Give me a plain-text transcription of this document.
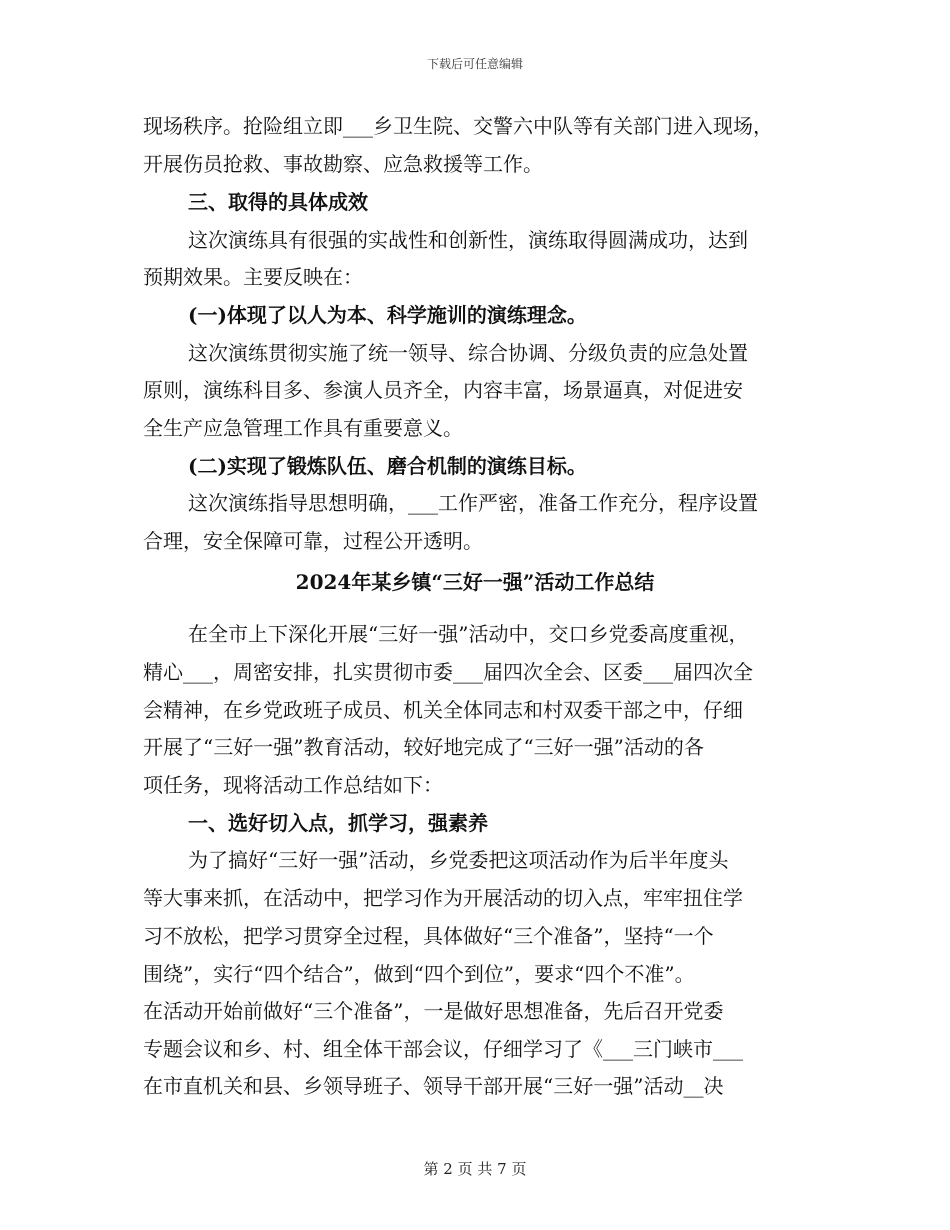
下载后可任意编辑
现场秩序。抢险组立即___乡卫生院、交警六中队等有关部门进入现场，
开展伤员抢救、事故勘察、应急救援等工作。
三、取得的具体成效
这次演练具有很强的实战性和创新性，演练取得圆满成功，达到
预期效果。主要反映在：
(一)体现了以人为本、科学施训的演练理念。
这次演练贯彻实施了统一领导、综合协调、分级负责的应急处置
原则，演练科目多、参演人员齐全，内容丰富，场景逼真，对促进安
全生产应急管理工作具有重要意义。
(二)实现了锻炼队伍、磨合机制的演练目标。
这次演练指导思想明确，___工作严密，准备工作充分，程序设置
合理，安全保障可靠，过程公开透明。
2024年某乡镇“三好一强”活动工作总结
在全市上下深化开展“三好一强”活动中，交口乡党委高度重视，
精心___，周密安排，扎实贯彻市委___届四次全会、区委___届四次全
会精神，在乡党政班子成员、机关全体同志和村双委干部之中，仔细
开展了“三好一强”教育活动，较好地完成了“三好一强”活动的各
项任务，现将活动工作总结如下：
一、选好切入点，抓学习，强素养
为了搞好“三好一强”活动，乡党委把这项活动作为后半年度头
等大事来抓，在活动中，把学习作为开展活动的切入点，牢牢扭住学
习不放松，把学习贯穿全过程，具体做好“三个准备”，坚持“一个
围绕”，实行“四个结合”，做到“四个到位”，要求“四个不准”。
在活动开始前做好“三个准备”，一是做好思想准备，先后召开党委
专题会议和乡、村、组全体干部会议，仔细学习了《___三门峡市___
在市直机关和县、乡领导班子、领导干部开展“三好一强”活动__决
第 2 页 共 7 页
